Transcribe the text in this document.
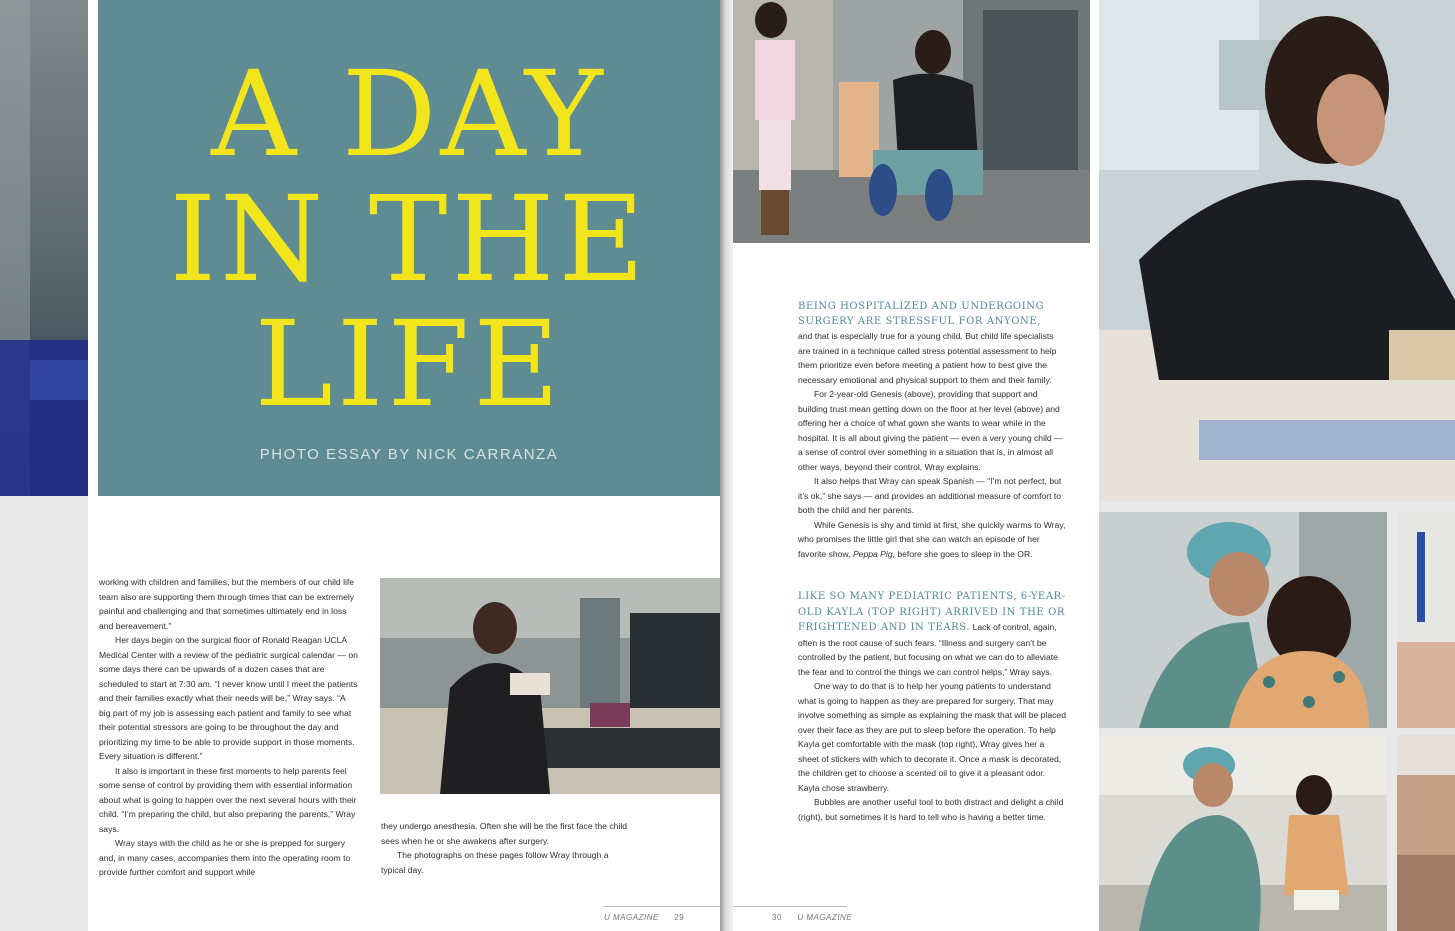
A DAY
IN THE
LIFE
PHOTO ESSAY BY NICK CARRANZA

working with children and families, but the members of our child life team also are supporting them through times that can be extremely painful and challenging and that sometimes ultimately end in loss and bereavement.”

Her days begin on the surgical floor of Ronald Reagan UCLA Medical Center with a review of the pediatric surgical calendar — on some days there can be upwards of a dozen cases that are scheduled to start at 7:30 am. “I never know until I meet the patients and their families exactly what their needs will be,” Wray says. “A big part of my job is assessing each patient and family to see what their potential stressors are going to be throughout the day and prioritizing my time to be able to provide support in those moments. Every situation is different.”

It also is important in these first moments to help parents feel some sense of control by providing them with essential information about what is going to happen over the next several hours with their child. “I’m preparing the child, but also preparing the parents,” Wray says.

Wray stays with the child as he or she is prepped for surgery and, in many cases, accompanies them into the operating room to provide further comfort and support while

they undergo anesthesia. Often she will be the first face the child sees when he or she awakens after surgery.

The photographs on these pages follow Wray through a typical day.

U MAGAZINE 29
BEING HOSPITALIZED AND UNDERGOING SURGERY ARE STRESSFUL FOR ANYONE,

and that is especially true for a young child. But child life specialists are trained in a technique called stress potential assessment to help them prioritize even before meeting a patient how to best give the necessary emotional and physical support to them and their family.

For 2-year-old Genesis (above), providing that support and building trust mean getting down on the floor at her level (above) and offering her a choice of what gown she wants to wear while in the hospital. It is all about giving the patient — even a very young child — a sense of control over something in a situation that is, in almost all other ways, beyond their control, Wray explains.

It also helps that Wray can speak Spanish — “I’m not perfect, but it’s ok,” she says — and provides an additional measure of comfort to both the child and her parents.

While Genesis is shy and timid at first, she quickly warms to Wray, who promises the little girl that she can watch an episode of her favorite show, Peppa Pig, before she goes to sleep in the OR.

LIKE SO MANY PEDIATRIC PATIENTS, 6-YEAR-OLD KAYLA (TOP RIGHT) ARRIVED IN THE OR FRIGHTENED AND IN TEARS. Lack of control, again, often is the root cause of such fears. “Illness and surgery can’t be controlled by the patient, but focusing on what we can do to alleviate the fear and to control the things we can control helps,” Wray says.

One way to do that is to help her young patients to understand what is going to happen as they are prepared for surgery. That may involve something as simple as explaining the mask that will be placed over their face as they are put to sleep before the operation. To help Kayla get comfortable with the mask (top right), Wray gives her a sheet of stickers with which to decorate it. Once a mask is decorated, the children get to choose a scented oil to give it a pleasant odor. Kayla chose strawberry.

Bubbles are another useful tool to both distract and delight a child (right), but sometimes it is hard to tell who is having a better time.

30 U MAGAZINE
